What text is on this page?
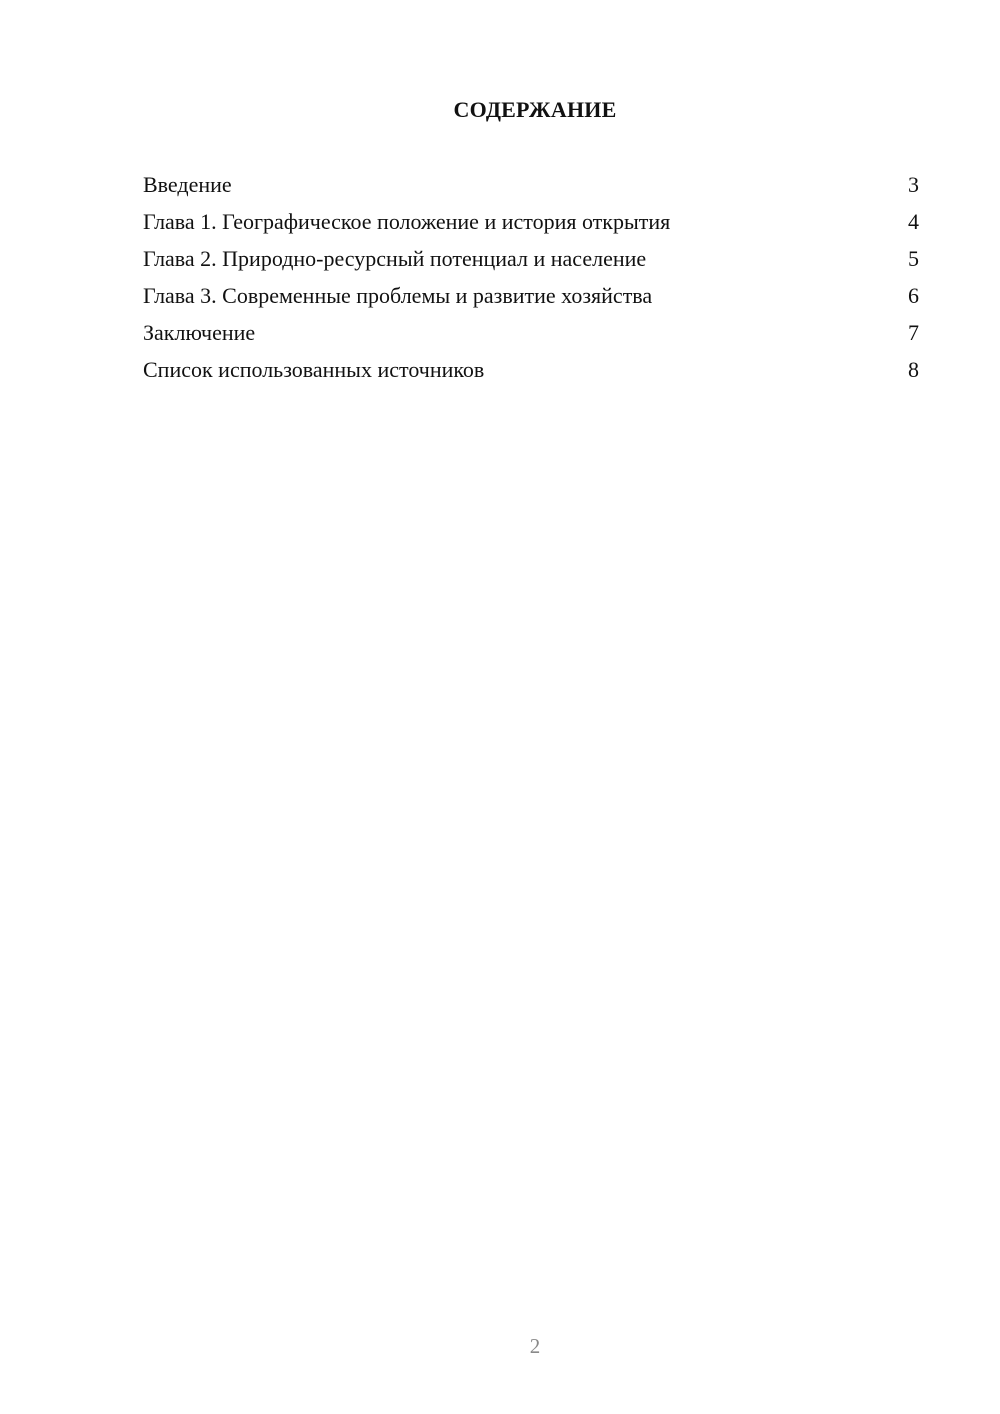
СОДЕРЖАНИЕ
Введение	3
Глава 1. Географическое положение и история открытия	4
Глава 2. Природно-ресурсный потенциал и население	5
Глава 3. Современные проблемы и развитие хозяйства	6
Заключение	7
Список использованных источников	8
2
